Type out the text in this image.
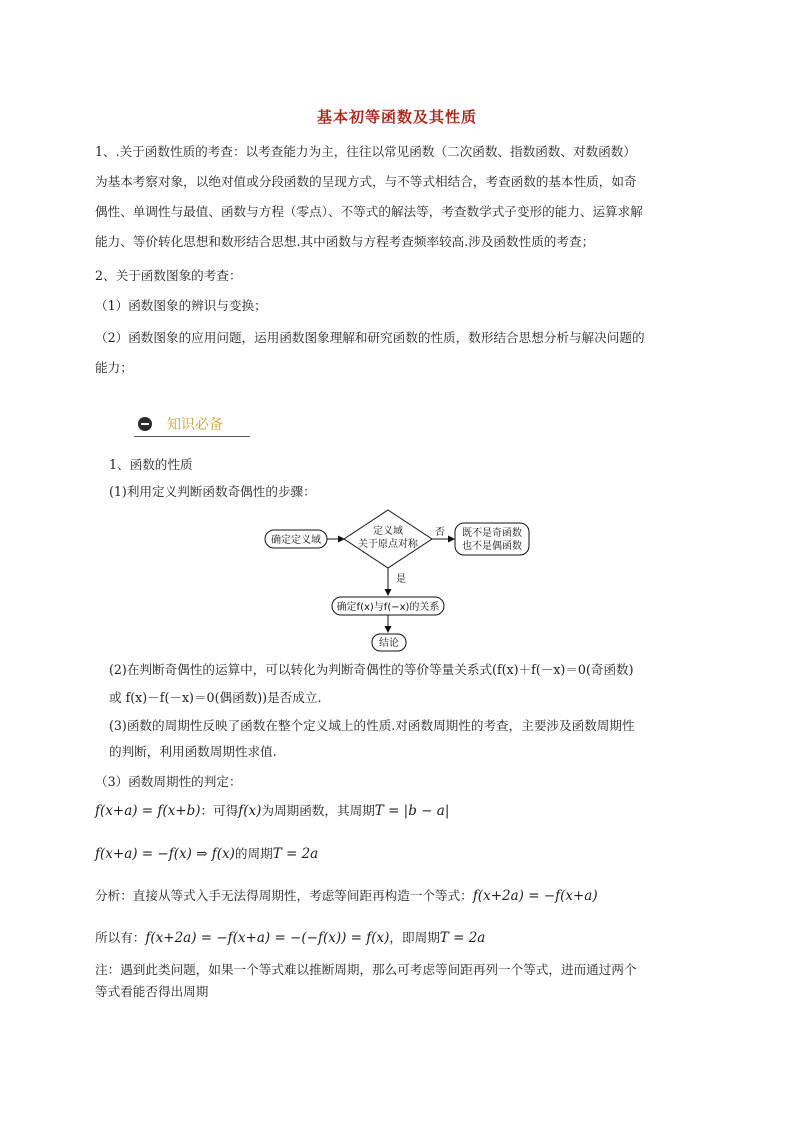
基本初等函数及其性质
1、.关于函数性质的考查：以考查能力为主，往往以常见函数（二次函数、指数函数、对数函数）
为基本考察对象，以绝对值或分段函数的呈现方式，与不等式相结合，考查函数的基本性质，如奇
偶性、单调性与最值、函数与方程（零点）、不等式的解法等，考查数学式子变形的能力、运算求解
能力、等价转化思想和数形结合思想.其中函数与方程考查频率较高.涉及函数性质的考查；
2、关于函数图象的考查：
（1）函数图象的辨识与变换；
（2）函数图象的应用问题，运用函数图象理解和研究函数的性质，数形结合思想分析与解决问题的
能力；
知识必备
1、函数的性质
(1)利用定义判断函数奇偶性的步骤：
确定定义域
定义域
关于原点对称
否 既不是奇函数
也不是偶函数
是
确定f(x)与f(−x)的关系
结论
(2)在判断奇偶性的运算中，可以转化为判断奇偶性的等价等量关系式(f(x)＋f(－x)＝0(奇函数)
或 f(x)－f(－x)＝0(偶函数))是否成立.
(3)函数的周期性反映了函数在整个定义域上的性质.对函数周期性的考查，主要涉及函数周期性
的判断，利用函数周期性求值.
（3）函数周期性的判定：
f(x+a) = f(x+b)：可得f(x)为周期函数，其周期T = |b − a|
f(x+a) = −f(x) ⇒ f(x)的周期T = 2a
分析：直接从等式入手无法得周期性，考虑等间距再构造一个等式：f(x+2a) = −f(x+a)
所以有：f(x+2a) = −f(x+a) = −(−f(x)) = f(x)，即周期T = 2a
注：遇到此类问题，如果一个等式难以推断周期，那么可考虑等间距再列一个等式，进而通过两个
等式看能否得出周期
